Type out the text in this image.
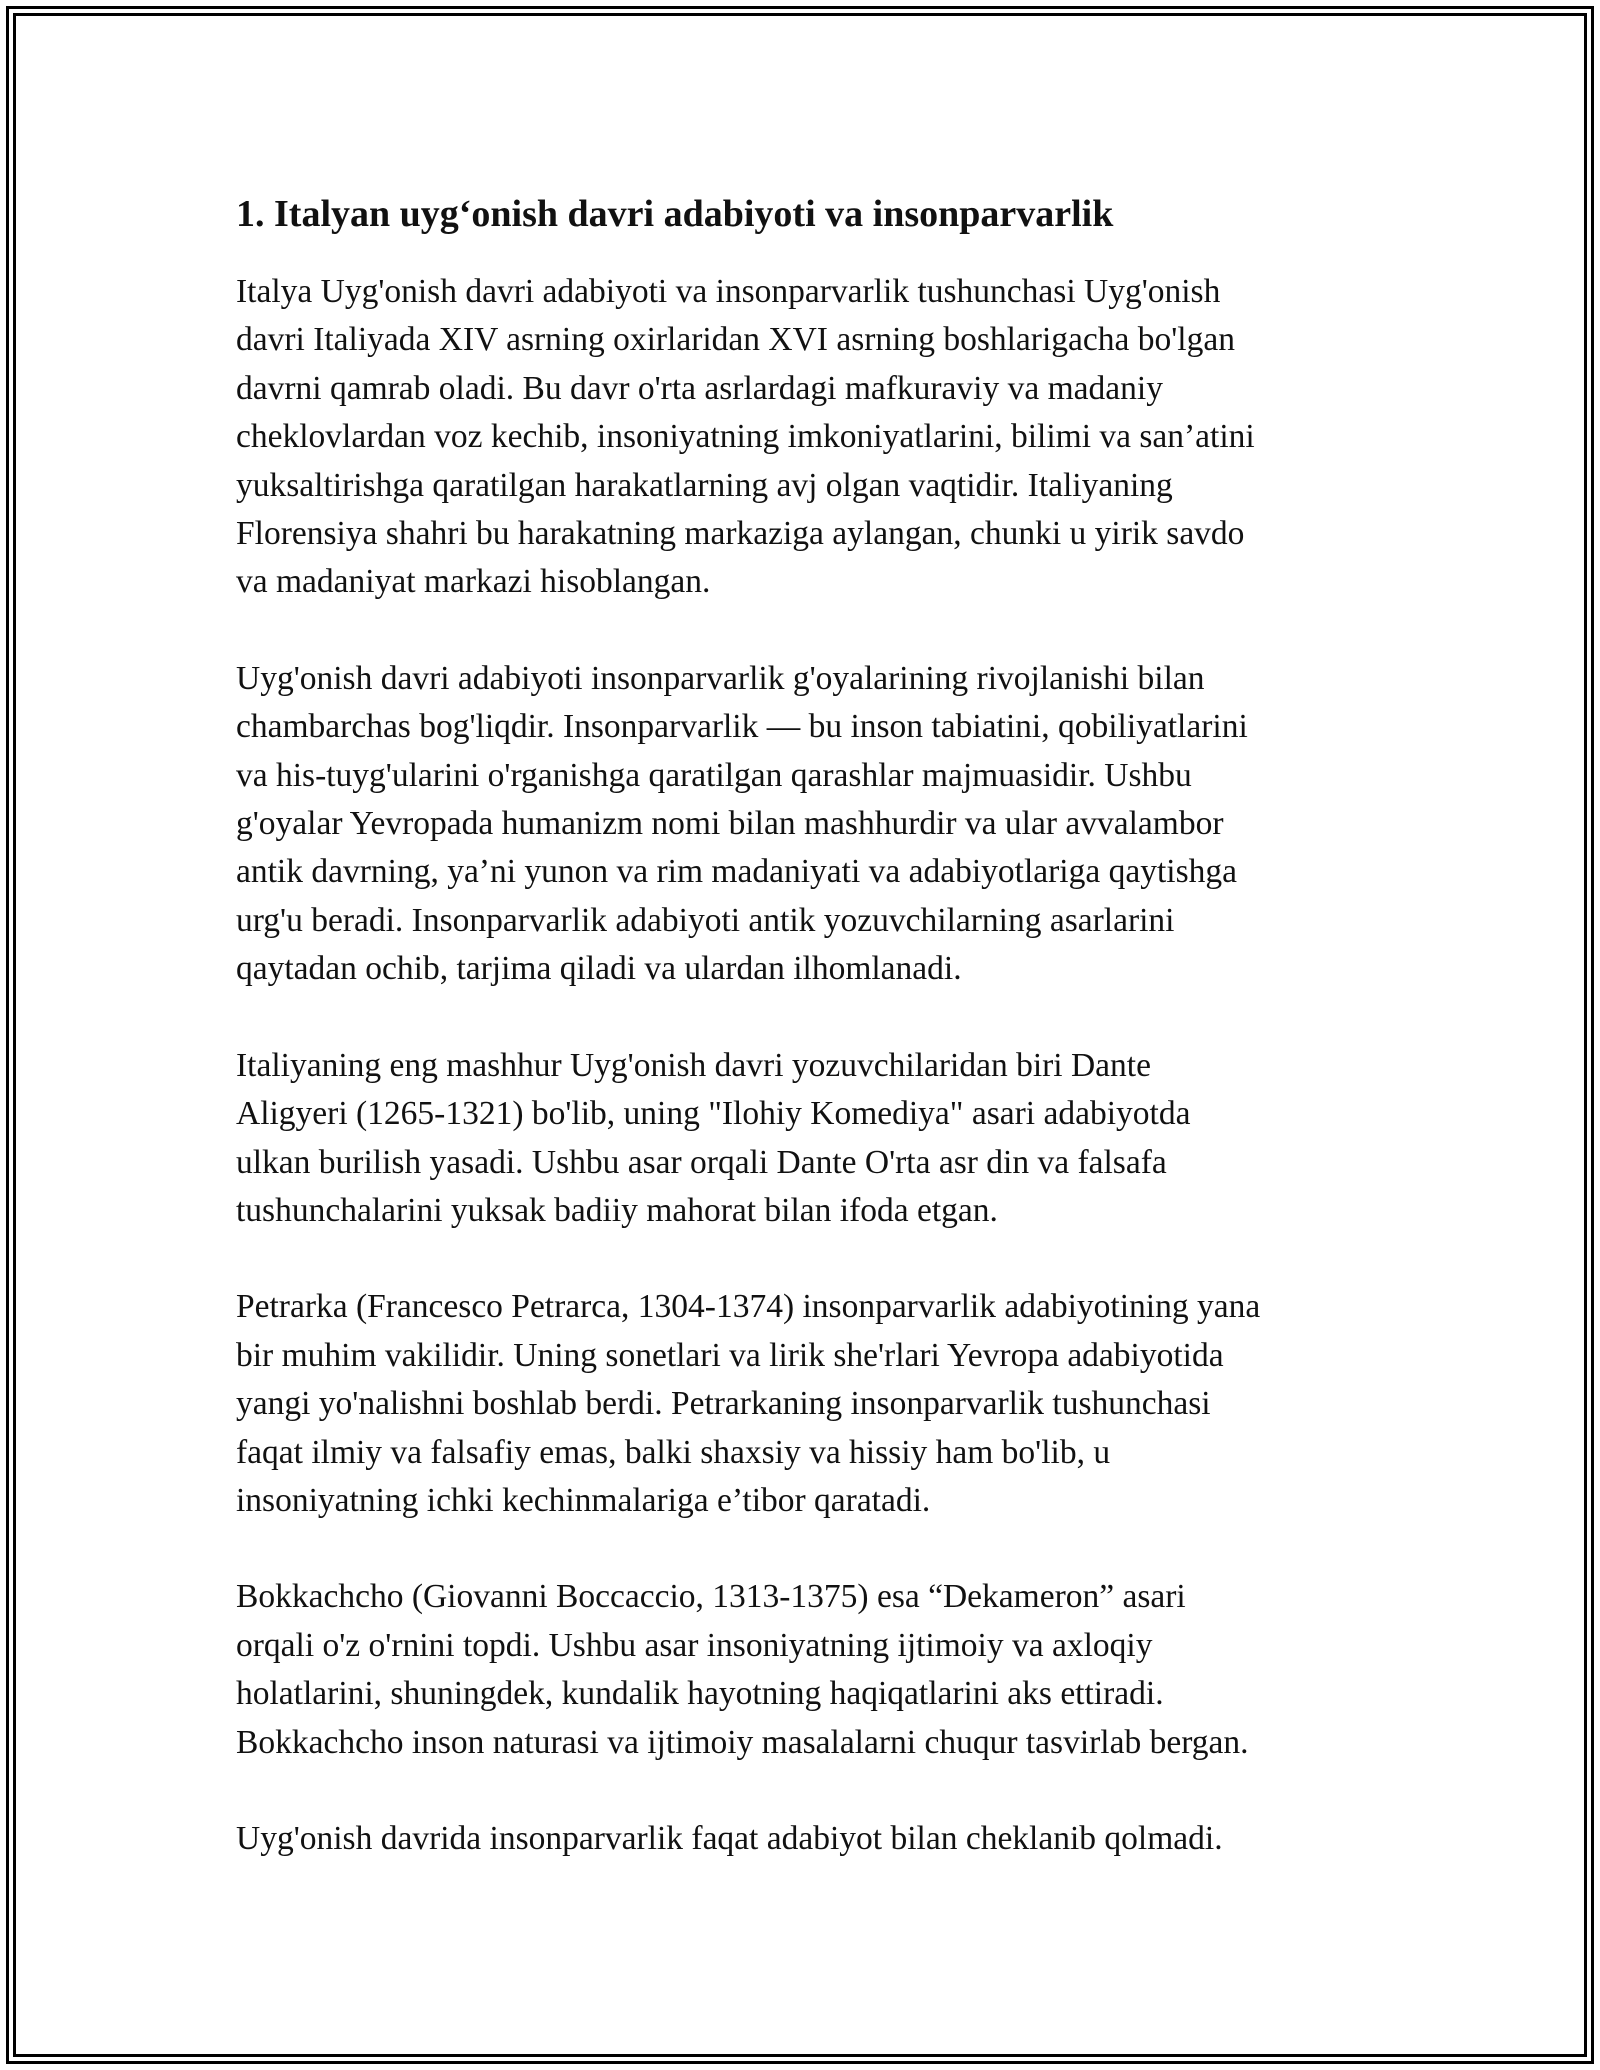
1. Italyan uyg‘onish davri adabiyoti va insonparvarlik

Italya Uyg'onish davri adabiyoti va insonparvarlik tushunchasi Uyg'onish
davri Italiyada XIV asrning oxirlaridan XVI asrning boshlarigacha bo'lgan
davrni qamrab oladi. Bu davr o'rta asrlardagi mafkuraviy va madaniy
cheklovlardan voz kechib, insoniyatning imkoniyatlarini, bilimi va san’atini
yuksaltirishga qaratilgan harakatlarning avj olgan vaqtidir. Italiyaning
Florensiya shahri bu harakatning markaziga aylangan, chunki u yirik savdo
va madaniyat markazi hisoblangan.

Uyg'onish davri adabiyoti insonparvarlik g'oyalarining rivojlanishi bilan
chambarchas bog'liqdir. Insonparvarlik — bu inson tabiatini, qobiliyatlarini
va his-tuyg'ularini o'rganishga qaratilgan qarashlar majmuasidir. Ushbu
g'oyalar Yevropada humanizm nomi bilan mashhurdir va ular avvalambor
antik davrning, ya’ni yunon va rim madaniyati va adabiyotlariga qaytishga
urg'u beradi. Insonparvarlik adabiyoti antik yozuvchilarning asarlarini
qaytadan ochib, tarjima qiladi va ulardan ilhomlanadi.

Italiyaning eng mashhur Uyg'onish davri yozuvchilaridan biri Dante
Aligyeri (1265-1321) bo'lib, uning "Ilohiy Komediya" asari adabiyotda
ulkan burilish yasadi. Ushbu asar orqali Dante O'rta asr din va falsafa
tushunchalarini yuksak badiiy mahorat bilan ifoda etgan.

Petrarka (Francesco Petrarca, 1304-1374) insonparvarlik adabiyotining yana
bir muhim vakilidir. Uning sonetlari va lirik she'rlari Yevropa adabiyotida
yangi yo'nalishni boshlab berdi. Petrarkaning insonparvarlik tushunchasi
faqat ilmiy va falsafiy emas, balki shaxsiy va hissiy ham bo'lib, u
insoniyatning ichki kechinmalariga e’tibor qaratadi.

Bokkachcho (Giovanni Boccaccio, 1313-1375) esa “Dekameron” asari
orqali o'z o'rnini topdi. Ushbu asar insoniyatning ijtimoiy va axloqiy
holatlarini, shuningdek, kundalik hayotning haqiqatlarini aks ettiradi.
Bokkachcho inson naturasi va ijtimoiy masalalarni chuqur tasvirlab bergan.

Uyg'onish davrida insonparvarlik faqat adabiyot bilan cheklanib qolmadi.
